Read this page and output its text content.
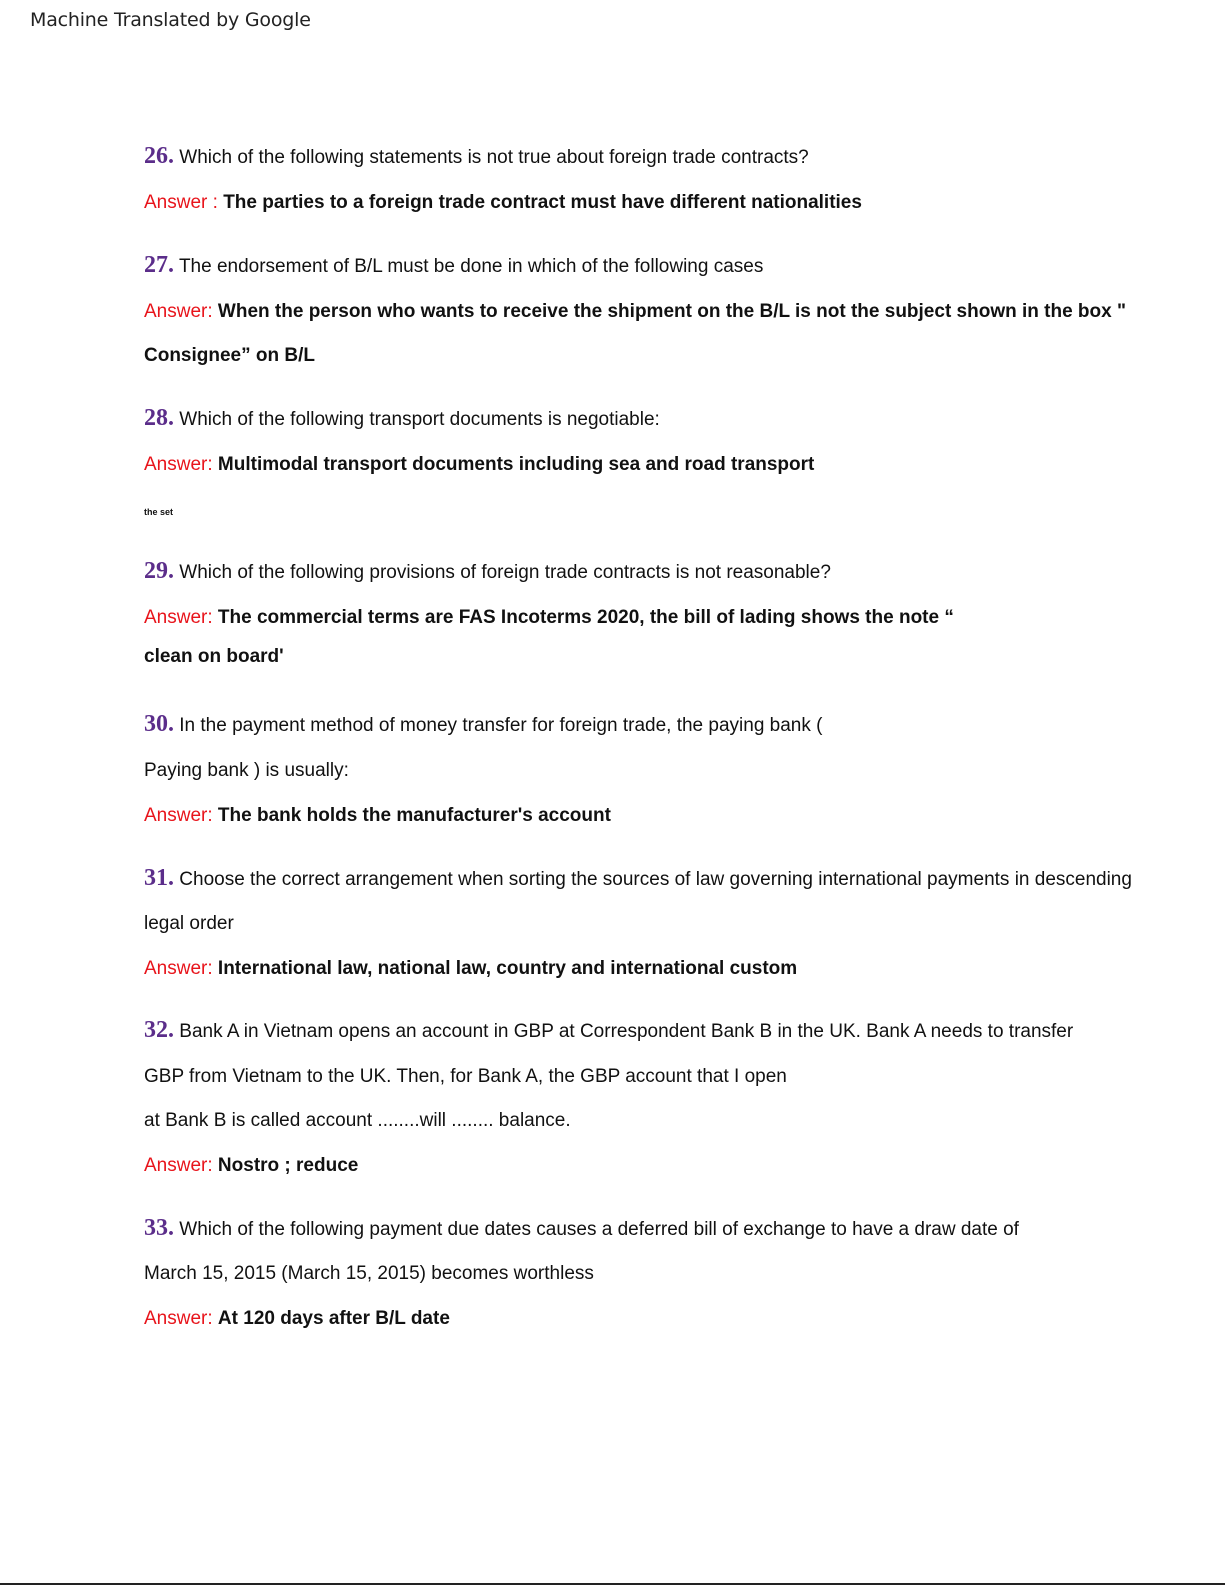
Machine Translated by Google
26. Which of the following statements is not true about foreign trade contracts?
Answer : The parties to a foreign trade contract must have different nationalities
27. The endorsement of B/L must be done in which of the following cases
Answer: When the person who wants to receive the shipment on the B/L is not the subject shown in the box "
Consignee” on B/L
28. Which of the following transport documents is negotiable:
Answer: Multimodal transport documents including sea and road transport
the set
29. Which of the following provisions of foreign trade contracts is not reasonable?
Answer: The commercial terms are FAS Incoterms 2020, the bill of lading shows the note “
clean on board'
30. In the payment method of money transfer for foreign trade, the paying bank (
Paying bank ) is usually:
Answer: The bank holds the manufacturer's account
31. Choose the correct arrangement when sorting the sources of law governing international payments in descending
legal order
Answer: International law, national law, country and international custom
32. Bank A in Vietnam opens an account in GBP at Correspondent Bank B in the UK. Bank A needs to transfer
GBP from Vietnam to the UK. Then, for Bank A, the GBP account that I open
at Bank B is called account ........will ........ balance.
Answer: Nostro ; reduce
33. Which of the following payment due dates causes a deferred bill of exchange to have a draw date of
March 15, 2015 (March 15, 2015) becomes worthless
Answer: At 120 days after B/L date
